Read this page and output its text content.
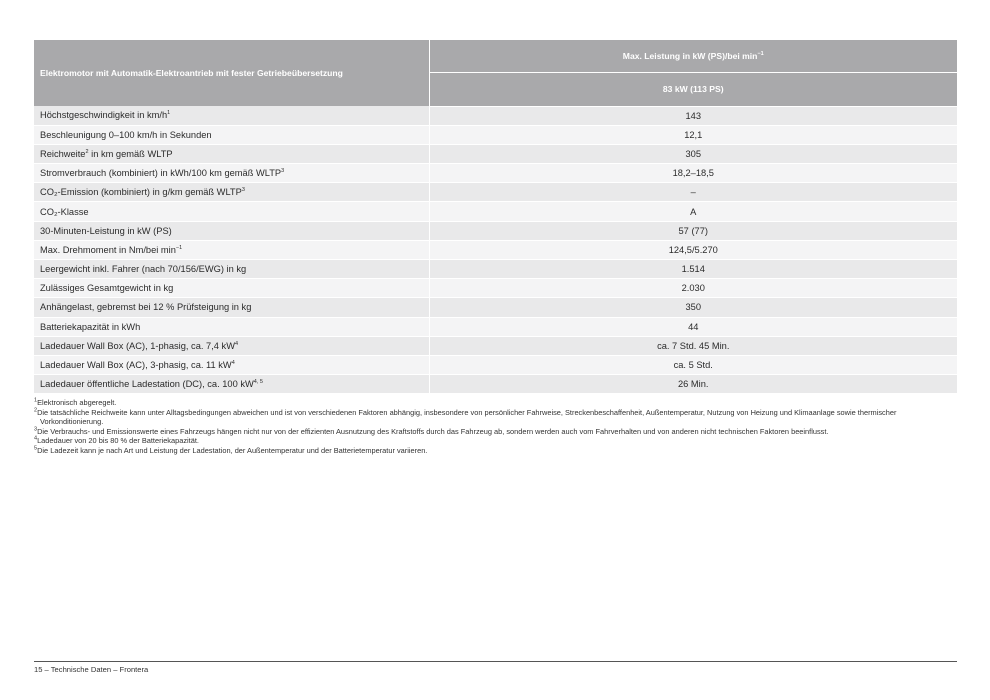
Elektromotor mit Automatik-Elektroantrieb mit fester Getriebeübersetzung	Max. Leistung in kW (PS)/bei $\min^{-1}$
	83 kW (113 PS)
Höchstgeschwindigkeit in $km/h^1$	143
Beschleunigung 0–100 km/h in Sekunden	12,1
Reichweite$^2$ in km gemäß WLTP	305
Stromverbrauch (kombiniert) in kWh/100 km gemäß WLTP$^3$	18,2–18,5
CO₂-Emission (kombiniert) in g/km gemäß WLTP$^3$	–
CO₂-Klasse	A
30-Minuten-Leistung in kW (PS)	57 (77)
Max. Drehmoment in Nm/bei $\min^{-1}$	124,5/5.270
Leergewicht inkl. Fahrer (nach 70/156/EWG) in kg	1.514
Zulässiges Gesamtgewicht in kg	2.030
Anhängelast, gebremst bei 12 % Prüfsteigung in kg	350
Batteriekapazität in kWh	44
Ladedauer Wall Box (AC), 1-phasig, ca. 7,4 $kW^4$	ca. 7 Std. 45 Min.
Ladedauer Wall Box (AC), 3-phasig, ca. 11 $kW^4$	ca. 5 Std.
Ladedauer öffentliche Ladestation (DC), ca. 100 kW$^{4, 5}$	26 Min.
$^1$Elektronisch abgeregelt.
$^2$Die tatsächliche Reichweite kann unter Alltagsbedingungen abweichen und ist von verschiedenen Faktoren abhängig, insbesondere von persönlicher Fahrweise, Streckenbeschaffenheit, Außentemperatur, Nutzung von Heizung und Klimaanlage sowie thermischer Vorkonditionierung.
$^3$Die Verbrauchs- und Emissionswerte eines Fahrzeugs hängen nicht nur von der effizienten Ausnutzung des Kraftstoffs durch das Fahrzeug ab, sondern werden auch vom Fahrverhalten und von anderen nicht technischen Faktoren beeinflusst.
$^4$Ladedauer von 20 bis 80 % der Batteriekapazität.
$^5$Die Ladezeit kann je nach Art und Leistung der Ladestation, der Außentemperatur und der Batterietemperatur variieren.
15 – Technische Daten – Frontera
